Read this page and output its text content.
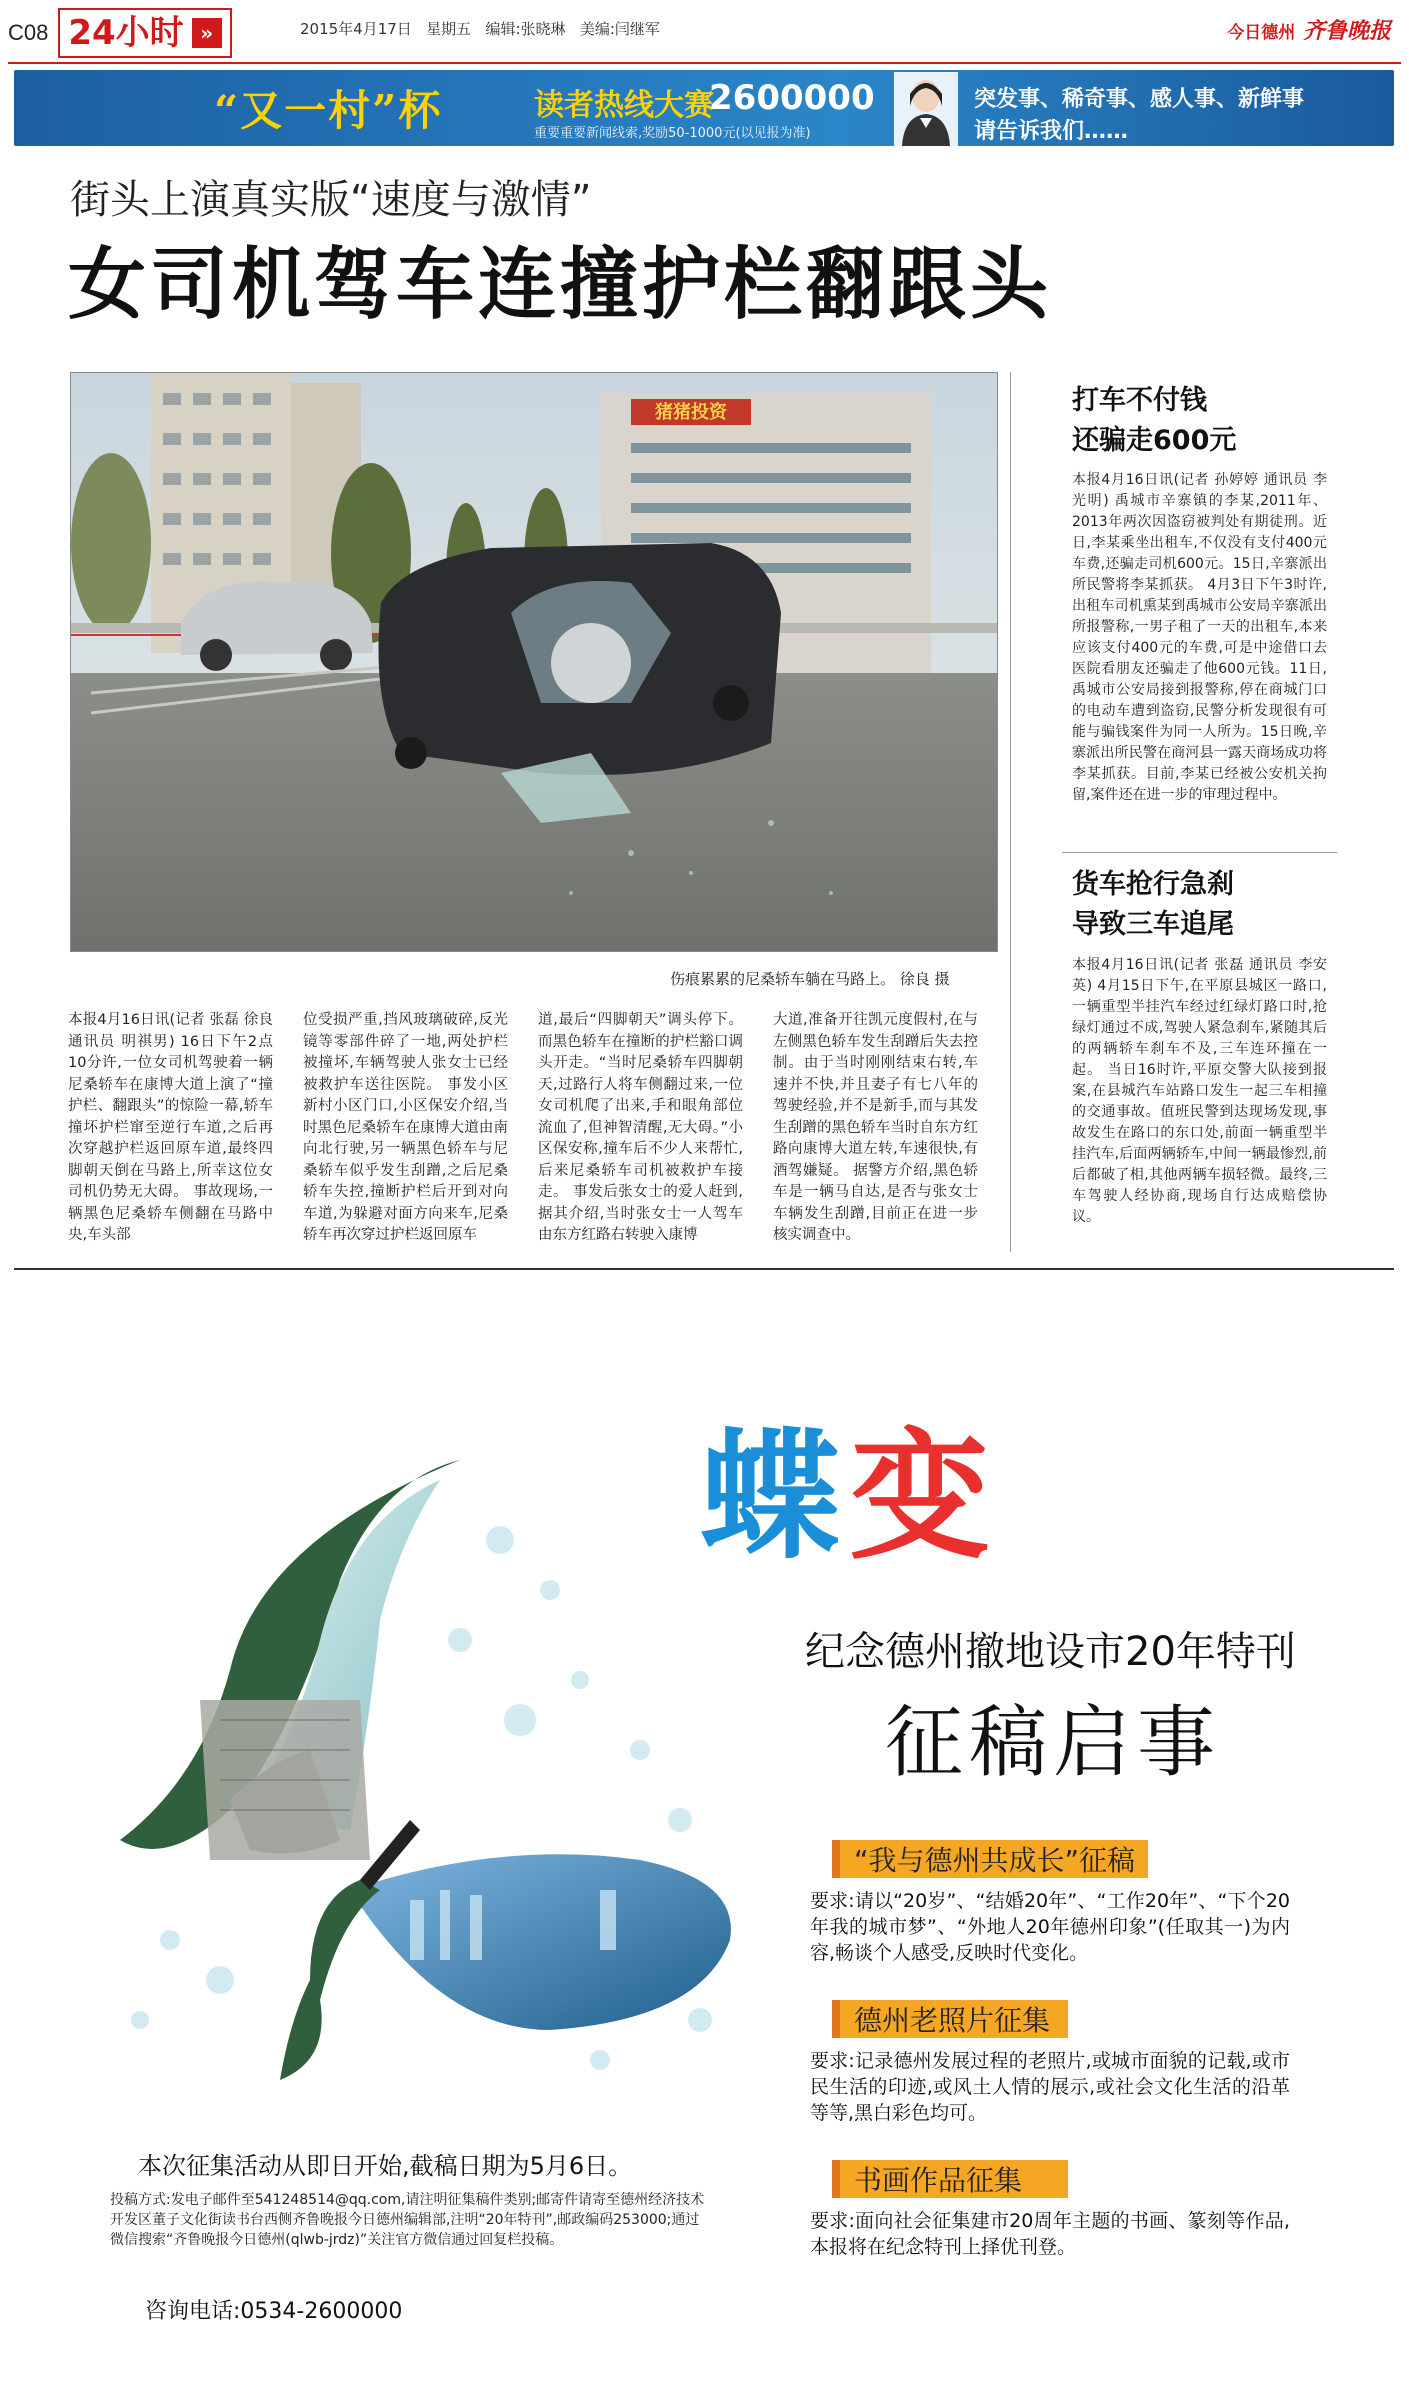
C08 24小时 »	2015年4月17日 星期五 编辑:张晓琳 美编:闫继军	今日德州 齐鲁晚报
“又一村”杯	读者热线大赛
2600000
重要重要新闻线索,奖励50-1000元(以见报为准)
突发事、稀奇事、感人事、新鲜事
请告诉我们……
街头上演真实版“速度与激情”
女司机驾车连撞护栏翻跟头
猪猪投资
伤痕累累的尼桑轿车躺在马路上。 徐良 摄
打车不付钱
还骗走600元
本报4月16日讯(记者 孙婷婷 通讯员 李光明) 禹城市辛寨镇的李某,2011年、2013年两次因盗窃被判处有期徒刑。近日,李某乘坐出租车,不仅没有支付400元车费,还骗走司机600元。15日,辛寨派出所民警将李某抓获。 4月3日下午3时许,出租车司机熏某到禹城市公安局辛寨派出所报警称,一男子租了一天的出租车,本来应该支付400元的车费,可是中途借口去医院看朋友还骗走了他600元钱。11日,禹城市公安局接到报警称,停在商城门口的电动车遭到盗窃,民警分析发现很有可能与骗钱案件为同一人所为。15日晚,辛寨派出所民警在商河县一露天商场成功将李某抓获。目前,李某已经被公安机关拘留,案件还在进一步的审理过程中。
货车抢行急刹
导致三车追尾
本报4月16日讯(记者 张磊 通讯员 李安英) 4月15日下午,在平原县城区一路口,一辆重型半挂汽车经过红绿灯路口时,抢绿灯通过不成,驾驶人紧急刹车,紧随其后的两辆轿车刹车不及,三车连环撞在一起。 当日16时许,平原交警大队接到报案,在县城汽车站路口发生一起三车相撞的交通事故。值班民警到达现场发现,事故发生在路口的东口处,前面一辆重型半挂汽车,后面两辆轿车,中间一辆最惨烈,前后都破了相,其他两辆车损轻微。最终,三车驾驶人经协商,现场自行达成赔偿协议。
本报4月16日讯(记者 张磊 徐良 通讯员 明祺男) 16日下午2点10分许,一位女司机驾驶着一辆尼桑轿车在康博大道上演了“撞护栏、翻跟头”的惊险一幕,轿车撞坏护栏窜至逆行车道,之后再次穿越护栏返回原车道,最终四脚朝天倒在马路上,所幸这位女司机仍势无大碍。 事故现场,一辆黑色尼桑轿车侧翻在马路中央,车头部
位受损严重,挡风玻璃破碎,反光镜等零部件碎了一地,两处护栏被撞坏,车辆驾驶人张女士已经被救护车送往医院。 事发小区新村小区门口,小区保安介绍,当时黑色尼桑轿车在康博大道由南向北行驶,另一辆黑色轿车与尼桑轿车似乎发生刮蹭,之后尼桑轿车失控,撞断护栏后开到对向车道,为躲避对面方向来车,尼桑轿车再次穿过护栏返回原车
道,最后“四脚朝天”调头停下。而黑色轿车在撞断的护栏豁口调头开走。“当时尼桑轿车四脚朝天,过路行人将车侧翻过来,一位女司机爬了出来,手和眼角部位流血了,但神智清醒,无大碍。”小区保安称,撞车后不少人来帮忙,后来尼桑轿车司机被救护车接走。 事发后张女士的爱人赶到,据其介绍,当时张女士一人驾车由东方红路右转驶入康博
大道,准备开往凯元度假村,在与左侧黑色轿车发生刮蹭后失去控制。由于当时刚刚结束右转,车速并不快,并且妻子有七八年的驾驶经验,并不是新手,而与其发生刮蹭的黑色轿车当时自东方红路向康博大道左转,车速很快,有酒驾嫌疑。 据警方介绍,黑色轿车是一辆马自达,是否与张女士车辆发生刮蹭,目前正在进一步核实调查中。
蝶变
纪念德州撤地设市20年特刊
征稿启事
“我与德州共成长”征稿
要求:请以“20岁”、“结婚20年”、“工作20年”、“下个20年我的城市梦”、“外地人20年德州印象”(任取其一)为内容,畅谈个人感受,反映时代变化。
德州老照片征集
要求:记录德州发展过程的老照片,或城市面貌的记载,或市民生活的印迹,或风土人情的展示,或社会文化生活的沿革等等,黑白彩色均可。
书画作品征集
要求:面向社会征集建市20周年主题的书画、篆刻等作品,本报将在纪念特刊上择优刊登。
本次征集活动从即日开始,截稿日期为5月6日。
投稿方式:发电子邮件至541248514@qq.com,请注明征集稿件类别;邮寄件请寄至德州经济技术开发区董子文化街读书台西侧齐鲁晚报今日德州编辑部,注明“20年特刊”,邮政编码253000;通过微信搜索“齐鲁晚报今日德州(qlwb-jrdz)”关注官方微信通过回复栏投稿。
咨询电话:0534-2600000
